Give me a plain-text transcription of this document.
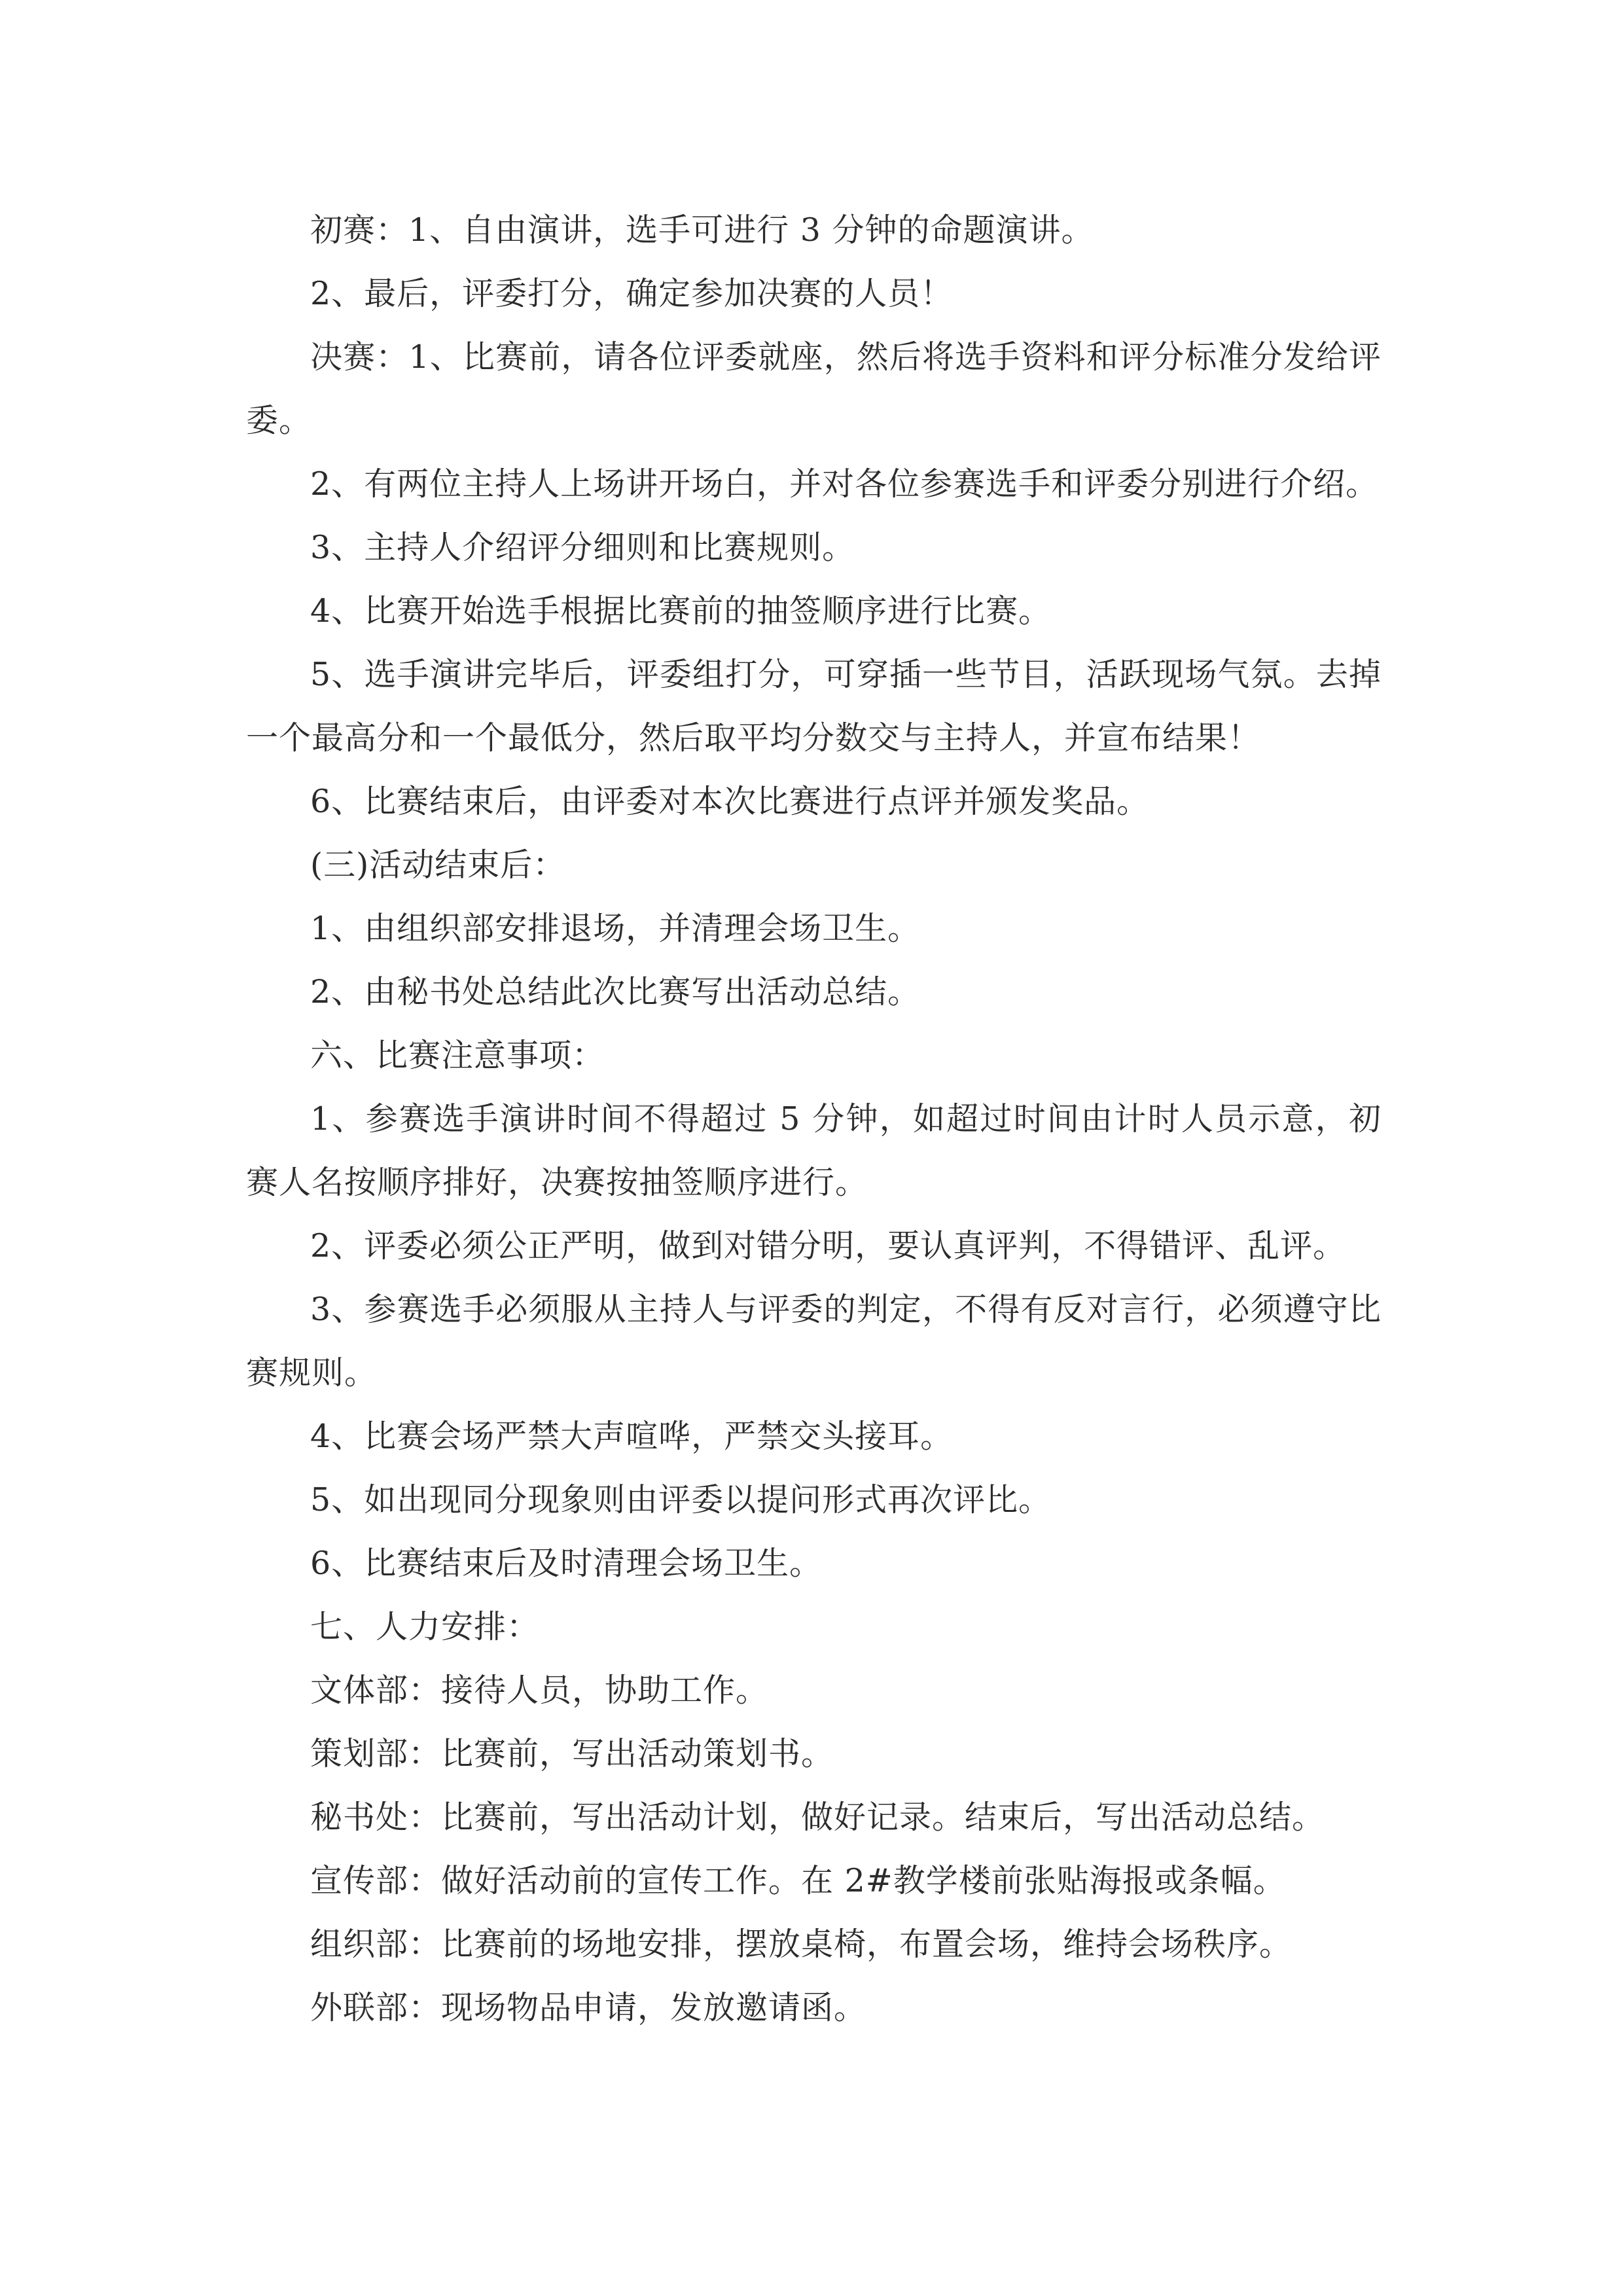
初赛：1、自由演讲，选手可进行 3 分钟的命题演讲。

2、最后，评委打分，确定参加决赛的人员！

决赛：1、比赛前，请各位评委就座，然后将选手资料和评分标准分发给评委。

2、有两位主持人上场讲开场白，并对各位参赛选手和评委分别进行介绍。

3、主持人介绍评分细则和比赛规则。

4、比赛开始选手根据比赛前的抽签顺序进行比赛。

5、选手演讲完毕后，评委组打分，可穿插一些节目，活跃现场气氛。去掉一个最高分和一个最低分，然后取平均分数交与主持人，并宣布结果！

6、比赛结束后，由评委对本次比赛进行点评并颁发奖品。

(三)活动结束后：

1、由组织部安排退场，并清理会场卫生。

2、由秘书处总结此次比赛写出活动总结。

六、比赛注意事项：

1、参赛选手演讲时间不得超过 5 分钟，如超过时间由计时人员示意，初赛人名按顺序排好，决赛按抽签顺序进行。

2、评委必须公正严明，做到对错分明，要认真评判，不得错评、乱评。

3、参赛选手必须服从主持人与评委的判定，不得有反对言行，必须遵守比赛规则。

4、比赛会场严禁大声喧哗，严禁交头接耳。

5、如出现同分现象则由评委以提问形式再次评比。

6、比赛结束后及时清理会场卫生。

七、人力安排：

文体部：接待人员，协助工作。

策划部：比赛前，写出活动策划书。

秘书处：比赛前，写出活动计划，做好记录。结束后，写出活动总结。

宣传部：做好活动前的宣传工作。在 2#教学楼前张贴海报或条幅。

组织部：比赛前的场地安排，摆放桌椅，布置会场，维持会场秩序。

外联部：现场物品申请，发放邀请函。
